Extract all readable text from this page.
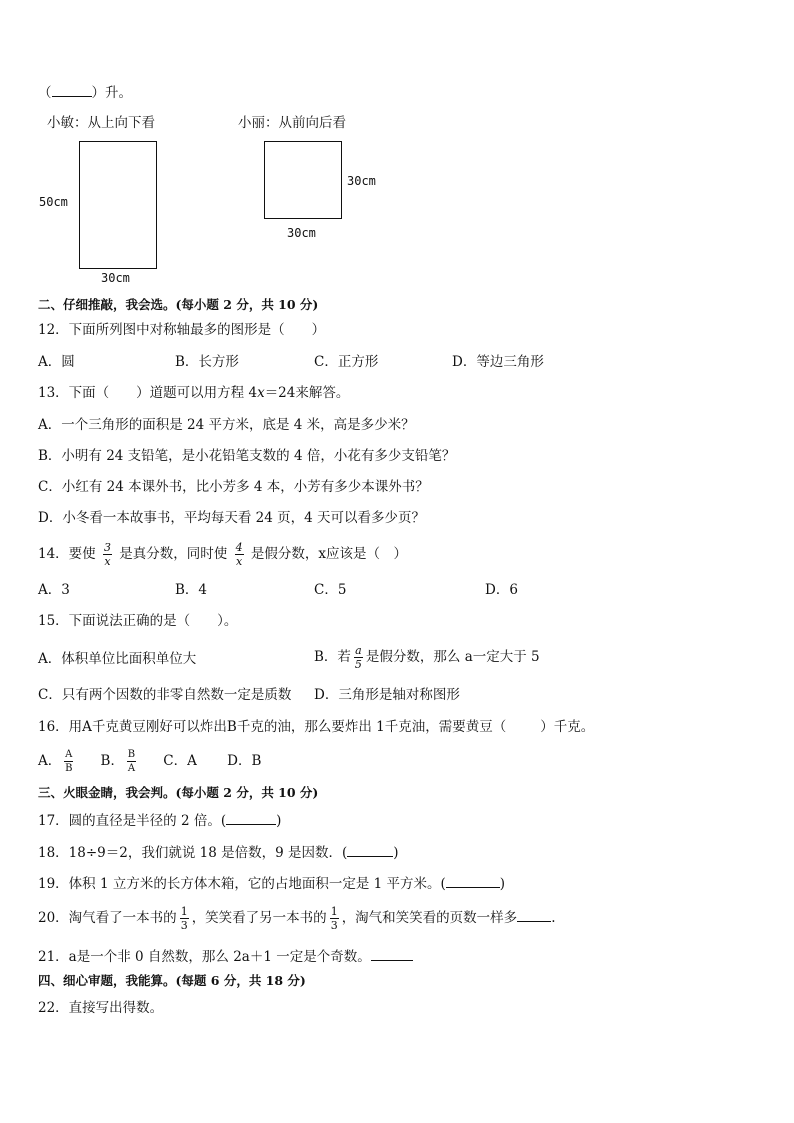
（	）升。
小敏：从上向下看	小丽：从前向后看
50cm
30cm
30cm
30cm
二、仔细推敲，我会选。(每小题 2 分，共 10 分)
12．下面所列图中对称轴最多的图形是（　　）
A．圆	B．长方形	C．正方形	D．等边三角形
13．下面（　　）道题可以用方程 4x＝24来解答。
A．一个三角形的面积是 24 平方米，底是 4 米，高是多少米？
B．小明有 24 支铅笔，是小花铅笔支数的 4 倍，小花有多少支铅笔？
C．小红有 24 本课外书，比小芳多 4 本，小芳有多少本课外书？
D．小冬看一本故事书，平均每天看 24 页，4 天可以看多少页？
14．要使 $\frac{3}{x}$ 是真分数，同时使 $\frac{4}{x}$ 是假分数，x应该是（　）
A．3	B．4	C．5	D．6
15．下面说法正确的是（　　）。
A．体积单位比面积单位大	B．若 $\frac{a}{5}$ 是假分数，那么 a一定大于 5
C．只有两个因数的非零自然数一定是质数 D．三角形是轴对称图形
16．用A千克黄豆刚好可以炸出B千克的油，那么要炸出 1千克油，需要黄豆（	）千克。
A． $\frac{A}{B}$ B． $\frac{B}{A}$ C．A D．B
三、火眼金睛，我会判。(每小题 2 分，共 10 分)
17．圆的直径是半径的 2 倍。(	)
18．18÷9＝2，我们就说 18 是倍数，9 是因数．(	)
19．体积 1 立方米的长方体木箱，它的占地面积一定是 1 平方米。(	)
20．淘气看了一本书的 $\frac{1}{3}$ ，笑笑看了另一本书的 $\frac{1}{3}$ ，淘气和笑笑看的页数一样多	.
21．a是一个非 0 自然数，那么 2a＋1 一定是个奇数。
四、细心审题，我能算。(每题 6 分，共 18 分)
22．直接写出得数。
